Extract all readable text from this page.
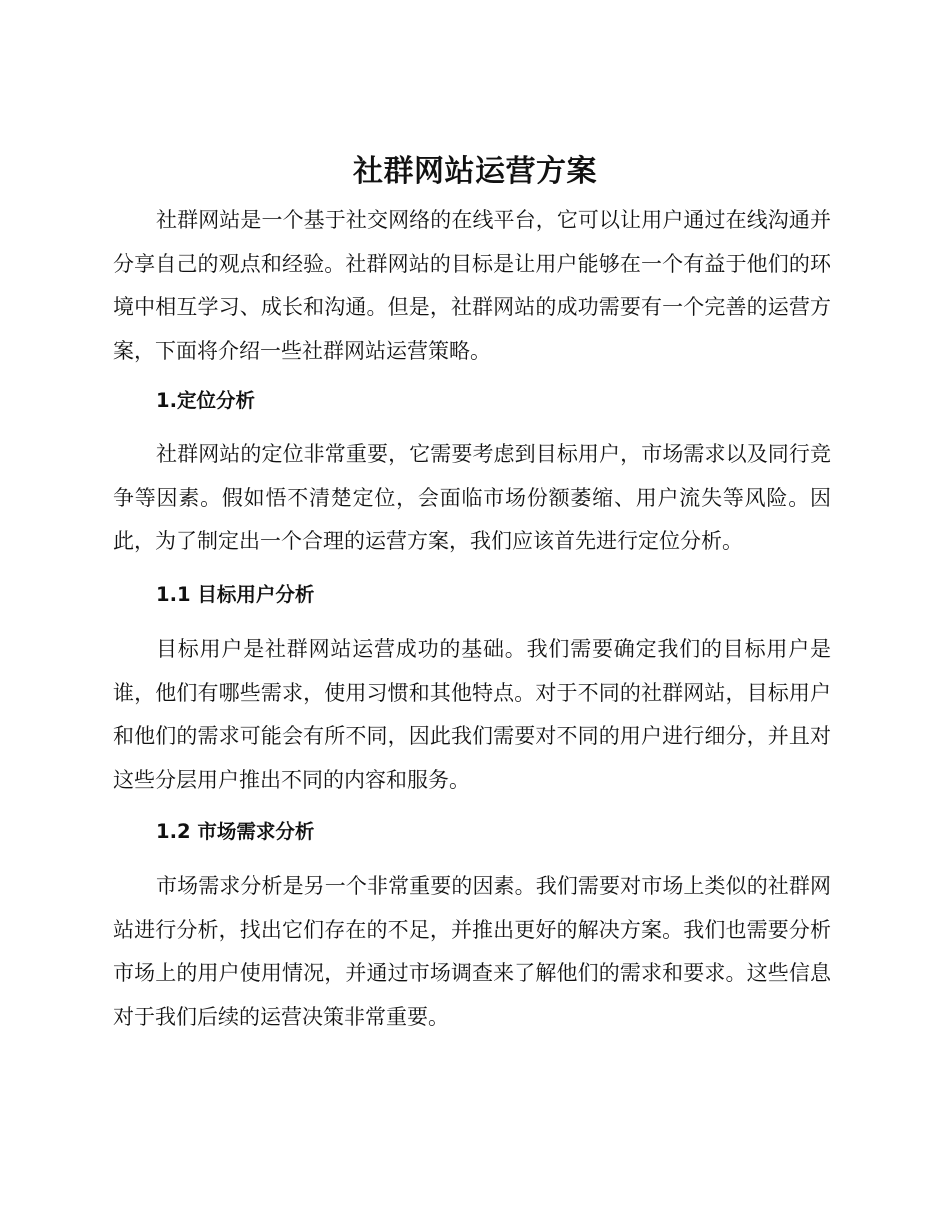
社群网站运营方案
社群网站是一个基于社交网络的在线平台，它可以让用户通过在线沟通并分享自己的观点和经验。社群网站的目标是让用户能够在一个有益于他们的环境中相互学习、成长和沟通。但是，社群网站的成功需要有一个完善的运营方案，下面将介绍一些社群网站运营策略。
1.定位分析
社群网站的定位非常重要，它需要考虑到目标用户，市场需求以及同行竞争等因素。假如悟不清楚定位，会面临市场份额萎缩、用户流失等风险。因此，为了制定出一个合理的运营方案，我们应该首先进行定位分析。
1.1 目标用户分析
目标用户是社群网站运营成功的基础。我们需要确定我们的目标用户是谁，他们有哪些需求，使用习惯和其他特点。对于不同的社群网站，目标用户和他们的需求可能会有所不同，因此我们需要对不同的用户进行细分，并且对这些分层用户推出不同的内容和服务。
1.2 市场需求分析
市场需求分析是另一个非常重要的因素。我们需要对市场上类似的社群网站进行分析，找出它们存在的不足，并推出更好的解决方案。我们也需要分析市场上的用户使用情况，并通过市场调查来了解他们的需求和要求。这些信息对于我们后续的运营决策非常重要。
